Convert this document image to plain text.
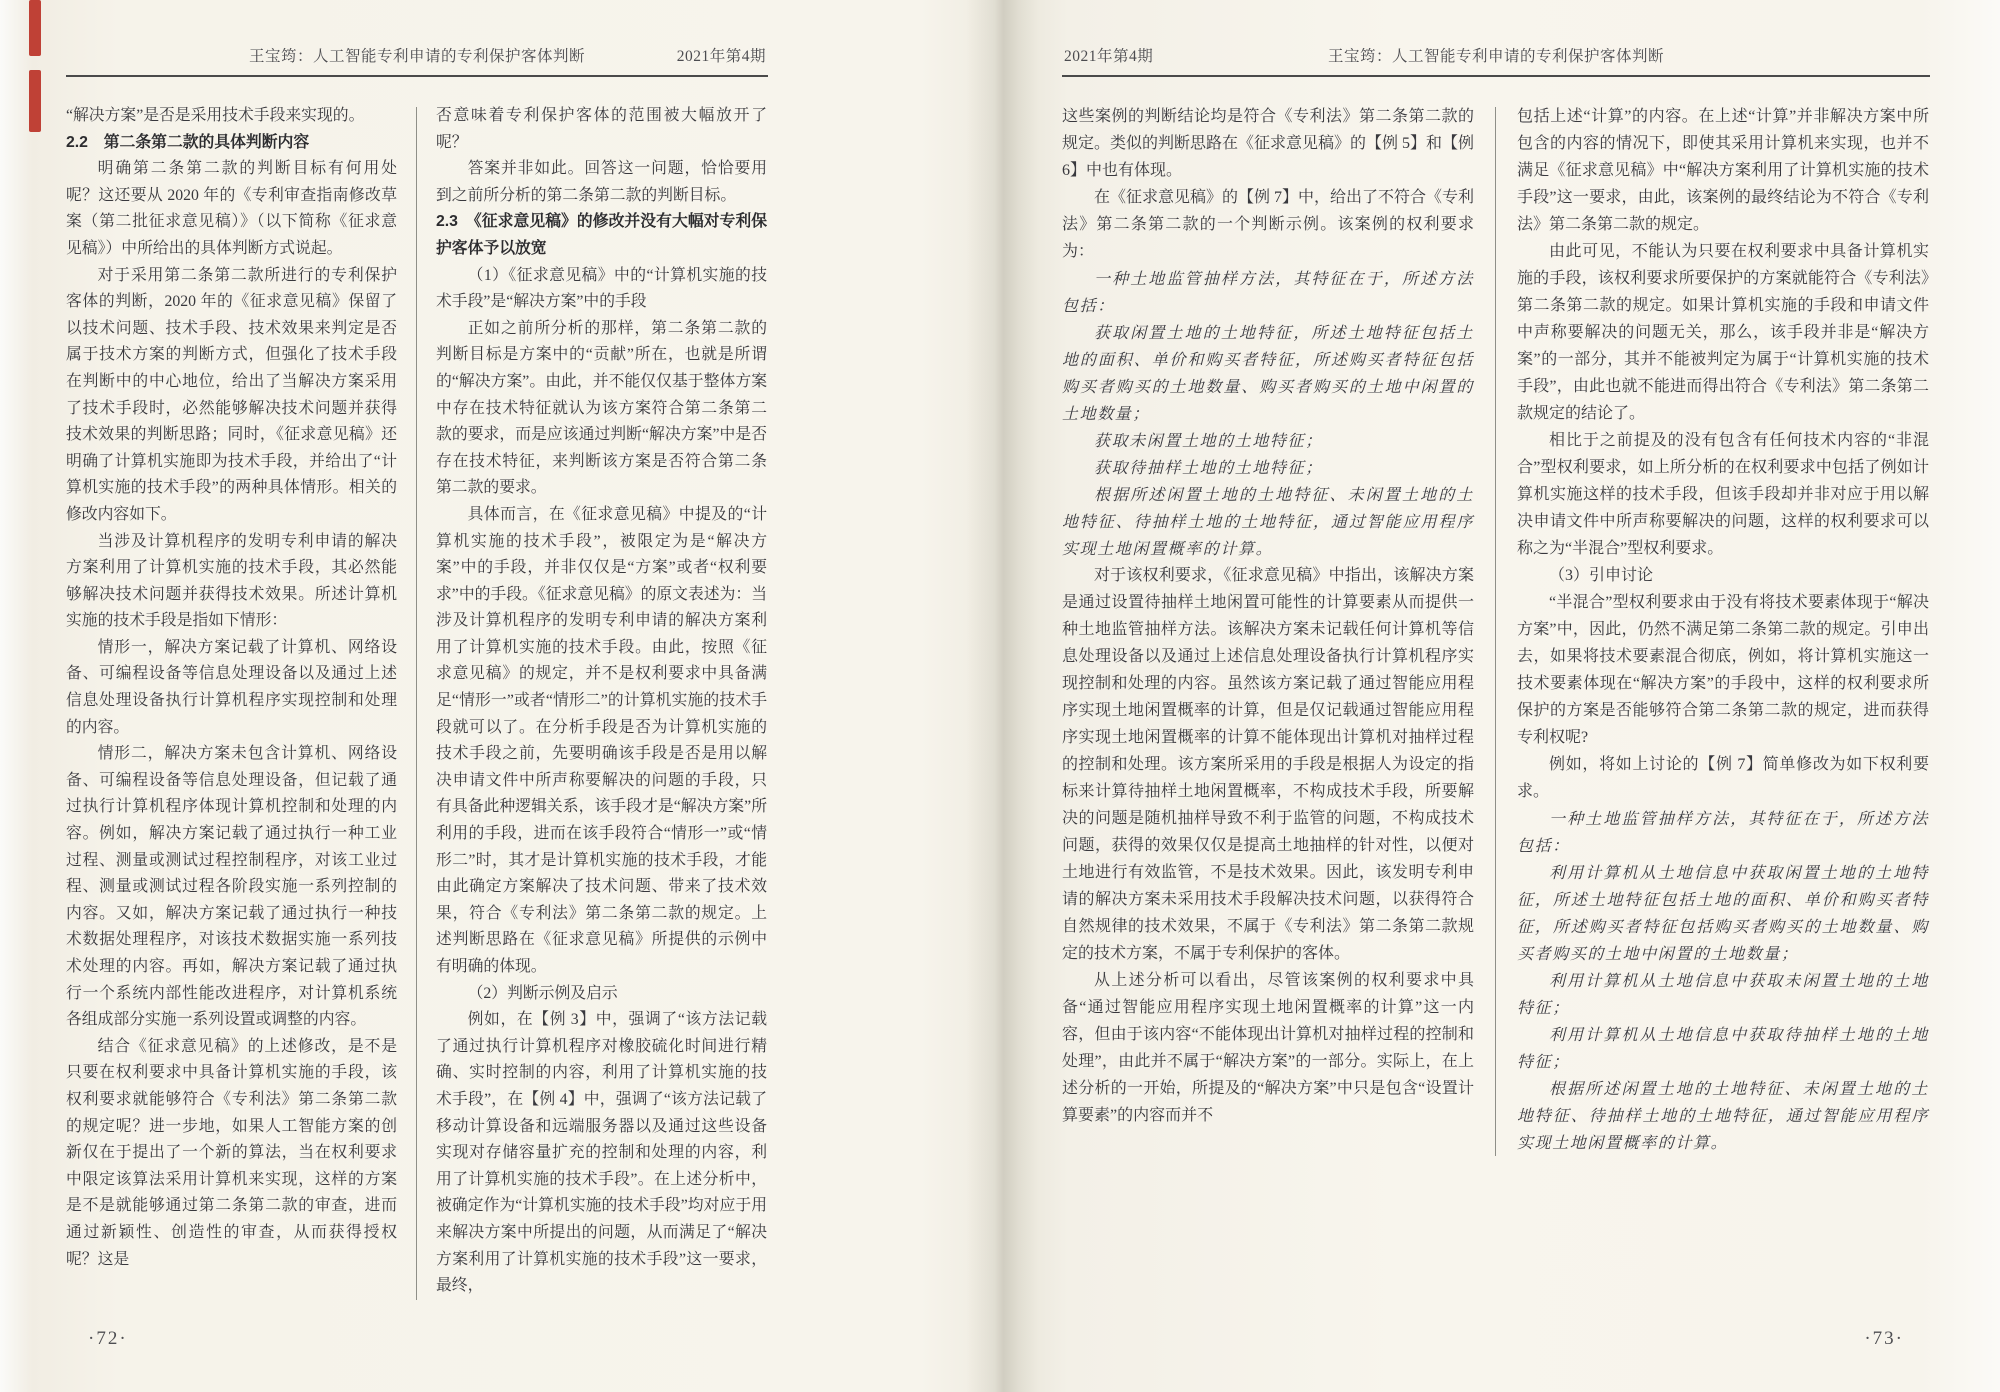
王宝筠：人工智能专利申请的专利保护客体判断	2021年第4期

“解决方案”是否是采用技术手段来实现的。

2.2　第二条第二款的具体判断内容

明确第二条第二款的判断目标有何用处呢？这还要从 2020 年的《专利审查指南修改草案（第二批征求意见稿）》（以下简称《征求意见稿》）中所给出的具体判断方式说起。

对于采用第二条第二款所进行的专利保护客体的判断，2020 年的《征求意见稿》保留了以技术问题、技术手段、技术效果来判定是否属于技术方案的判断方式，但强化了技术手段在判断中的中心地位，给出了当解决方案采用了技术手段时，必然能够解决技术问题并获得技术效果的判断思路；同时，《征求意见稿》还明确了计算机实施即为技术手段，并给出了“计算机实施的技术手段”的两种具体情形。相关的修改内容如下。

当涉及计算机程序的发明专利申请的解决方案利用了计算机实施的技术手段，其必然能够解决技术问题并获得技术效果。所述计算机实施的技术手段是指如下情形：

情形一，解决方案记载了计算机、网络设备、可编程设备等信息处理设备以及通过上述信息处理设备执行计算机程序实现控制和处理的内容。

情形二，解决方案未包含计算机、网络设备、可编程设备等信息处理设备，但记载了通过执行计算机程序体现计算机控制和处理的内容。例如，解决方案记载了通过执行一种工业过程、测量或测试过程控制程序，对该工业过程、测量或测试过程各阶段实施一系列控制的内容。又如，解决方案记载了通过执行一种技术数据处理程序，对该技术数据实施一系列技术处理的内容。再如，解决方案记载了通过执行一个系统内部性能改进程序，对计算机系统各组成部分实施一系列设置或调整的内容。

结合《征求意见稿》的上述修改，是不是只要在权利要求中具备计算机实施的手段，该权利要求就能够符合《专利法》第二条第二款的规定呢？进一步地，如果人工智能方案的创新仅在于提出了一个新的算法，当在权利要求中限定该算法采用计算机来实现，这样的方案是不是就能够通过第二条第二款的审查，进而通过新颖性、创造性的审查，从而获得授权呢？这是

否意味着专利保护客体的范围被大幅放开了呢？

答案并非如此。回答这一问题，恰恰要用到之前所分析的第二条第二款的判断目标。

2.3　《征求意见稿》的修改并没有大幅对专利保护客体予以放宽

（1）《征求意见稿》中的“计算机实施的技术手段”是“解决方案”中的手段

正如之前所分析的那样，第二条第二款的判断目标是方案中的“贡献”所在，也就是所谓的“解决方案”。由此，并不能仅仅基于整体方案中存在技术特征就认为该方案符合第二条第二款的要求，而是应该通过判断“解决方案”中是否存在技术特征，来判断该方案是否符合第二条第二款的要求。

具体而言，在《征求意见稿》中提及的“计算机实施的技术手段”，被限定为是“解决方案”中的手段，并非仅仅是“方案”或者“权利要求”中的手段。《征求意见稿》的原文表述为：当涉及计算机程序的发明专利申请的解决方案利用了计算机实施的技术手段。由此，按照《征求意见稿》的规定，并不是权利要求中具备满足“情形一”或者“情形二”的计算机实施的技术手段就可以了。在分析手段是否为计算机实施的技术手段之前，先要明确该手段是否是用以解决申请文件中所声称要解决的问题的手段，只有具备此种逻辑关系，该手段才是“解决方案”所利用的手段，进而在该手段符合“情形一”或“情形二”时，其才是计算机实施的技术手段，才能由此确定方案解决了技术问题、带来了技术效果，符合《专利法》第二条第二款的规定。上述判断思路在《征求意见稿》所提供的示例中有明确的体现。

（2）判断示例及启示

例如，在【例 3】中，强调了“该方法记载了通过执行计算机程序对橡胶硫化时间进行精确、实时控制的内容，利用了计算机实施的技术手段”，在【例 4】中，强调了“该方法记载了移动计算设备和远端服务器以及通过这些设备实现对存储容量扩充的控制和处理的内容，利用了计算机实施的技术手段”。在上述分析中，被确定作为“计算机实施的技术手段”均对应于用来解决方案中所提出的问题，从而满足了“解决方案利用了计算机实施的技术手段”这一要求，最终，

·72·
2021年第4期	王宝筠：人工智能专利申请的专利保护客体判断

这些案例的判断结论均是符合《专利法》第二条第二款的规定。类似的判断思路在《征求意见稿》的【例 5】和【例 6】中也有体现。

在《征求意见稿》的【例 7】中，给出了不符合《专利法》第二条第二款的一个判断示例。该案例的权利要求为：

一种土地监管抽样方法，其特征在于，所述方法包括：

获取闲置土地的土地特征，所述土地特征包括土地的面积、单价和购买者特征，所述购买者特征包括购买者购买的土地数量、购买者购买的土地中闲置的土地数量；

获取未闲置土地的土地特征；

获取待抽样土地的土地特征；

根据所述闲置土地的土地特征、未闲置土地的土地特征、待抽样土地的土地特征，通过智能应用程序实现土地闲置概率的计算。

对于该权利要求，《征求意见稿》中指出，该解决方案是通过设置待抽样土地闲置可能性的计算要素从而提供一种土地监管抽样方法。该解决方案未记载任何计算机等信息处理设备以及通过上述信息处理设备执行计算机程序实现控制和处理的内容。虽然该方案记载了通过智能应用程序实现土地闲置概率的计算，但是仅记载通过智能应用程序实现土地闲置概率的计算不能体现出计算机对抽样过程的控制和处理。该方案所采用的手段是根据人为设定的指标来计算待抽样土地闲置概率，不构成技术手段，所要解决的问题是随机抽样导致不利于监管的问题，不构成技术问题，获得的效果仅仅是提高土地抽样的针对性，以便对土地进行有效监管，不是技术效果。因此，该发明专利申请的解决方案未采用技术手段解决技术问题，以获得符合自然规律的技术效果，不属于《专利法》第二条第二款规定的技术方案，不属于专利保护的客体。

从上述分析可以看出，尽管该案例的权利要求中具备“通过智能应用程序实现土地闲置概率的计算”这一内容，但由于该内容“不能体现出计算机对抽样过程的控制和处理”，由此并不属于“解决方案”的一部分。实际上，在上述分析的一开始，所提及的“解决方案”中只是包含“设置计算要素”的内容而并不

包括上述“计算”的内容。在上述“计算”并非解决方案中所包含的内容的情况下，即使其采用计算机来实现，也并不满足《征求意见稿》中“解决方案利用了计算机实施的技术手段”这一要求，由此，该案例的最终结论为不符合《专利法》第二条第二款的规定。

由此可见，不能认为只要在权利要求中具备计算机实施的手段，该权利要求所要保护的方案就能符合《专利法》第二条第二款的规定。如果计算机实施的手段和申请文件中声称要解决的问题无关，那么，该手段并非是“解决方案”的一部分，其并不能被判定为属于“计算机实施的技术手段”，由此也就不能进而得出符合《专利法》第二条第二款规定的结论了。

相比于之前提及的没有包含有任何技术内容的“非混合”型权利要求，如上所分析的在权利要求中包括了例如计算机实施这样的技术手段，但该手段却并非对应于用以解决申请文件中所声称要解决的问题，这样的权利要求可以称之为“半混合”型权利要求。

（3）引申讨论

“半混合”型权利要求由于没有将技术要素体现于“解决方案”中，因此，仍然不满足第二条第二款的规定。引申出去，如果将技术要素混合彻底，例如，将计算机实施这一技术要素体现在“解决方案”的手段中，这样的权利要求所保护的方案是否能够符合第二条第二款的规定，进而获得专利权呢?

例如，将如上讨论的【例 7】简单修改为如下权利要求。

一种土地监管抽样方法，其特征在于，所述方法包括：

利用计算机从土地信息中获取闲置土地的土地特征，所述土地特征包括土地的面积、单价和购买者特征，所述购买者特征包括购买者购买的土地数量、购买者购买的土地中闲置的土地数量；

利用计算机从土地信息中获取未闲置土地的土地特征；

利用计算机从土地信息中获取待抽样土地的土地特征；

根据所述闲置土地的土地特征、未闲置土地的土地特征、待抽样土地的土地特征，通过智能应用程序实现土地闲置概率的计算。

·73·
